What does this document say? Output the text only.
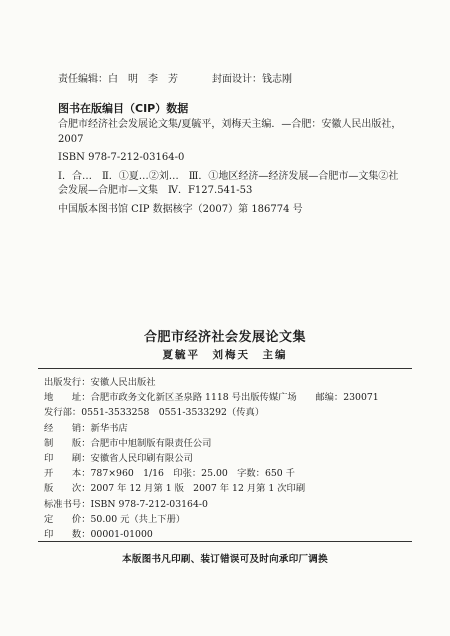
责任编辑：白　明　李　芳	封面设计：钱志刚
图书在版编目（CIP）数据

合肥市经济社会发展论文集/夏毓平，刘梅天主编．—合肥：安徽人民出版社，2007

ISBN 978-7-212-03164-0

Ⅰ．合…　Ⅱ．①夏…②刘…　Ⅲ．①地区经济—经济发展—合肥市—文集②社会发展—合肥市—文集　Ⅳ．F127.541-53

中国版本图书馆 CIP 数据核字（2007）第 186774 号

合肥市经济社会发展论文集
夏毓平　刘梅天　主编
出版发行 ： 安徽人民出版社
地 　　址： 合肥市政务文化新区圣泉路 1118 号出版传媒广场　　邮编：230071
发 行部： 0551-3533258　0551-3533292（传真）
经 　　销： 新华书店
制 　　版： 合肥市中旭制版有限责任公司
印 　　刷： 安徽省人民印刷有限公司
开 　　本： 787×960　1/16　印张：25.00　字数：650 千
版 　　次： 2007 年 12 月第 1 版　2007 年 12 月第 1 次印刷
标准书号 ： ISBN 978-7-212-03164-0
定 　　价： 50.00 元（共上下册）
印 　　数： 00001-01000
本版图书凡印刷、装订错误可及时向承印厂调换
